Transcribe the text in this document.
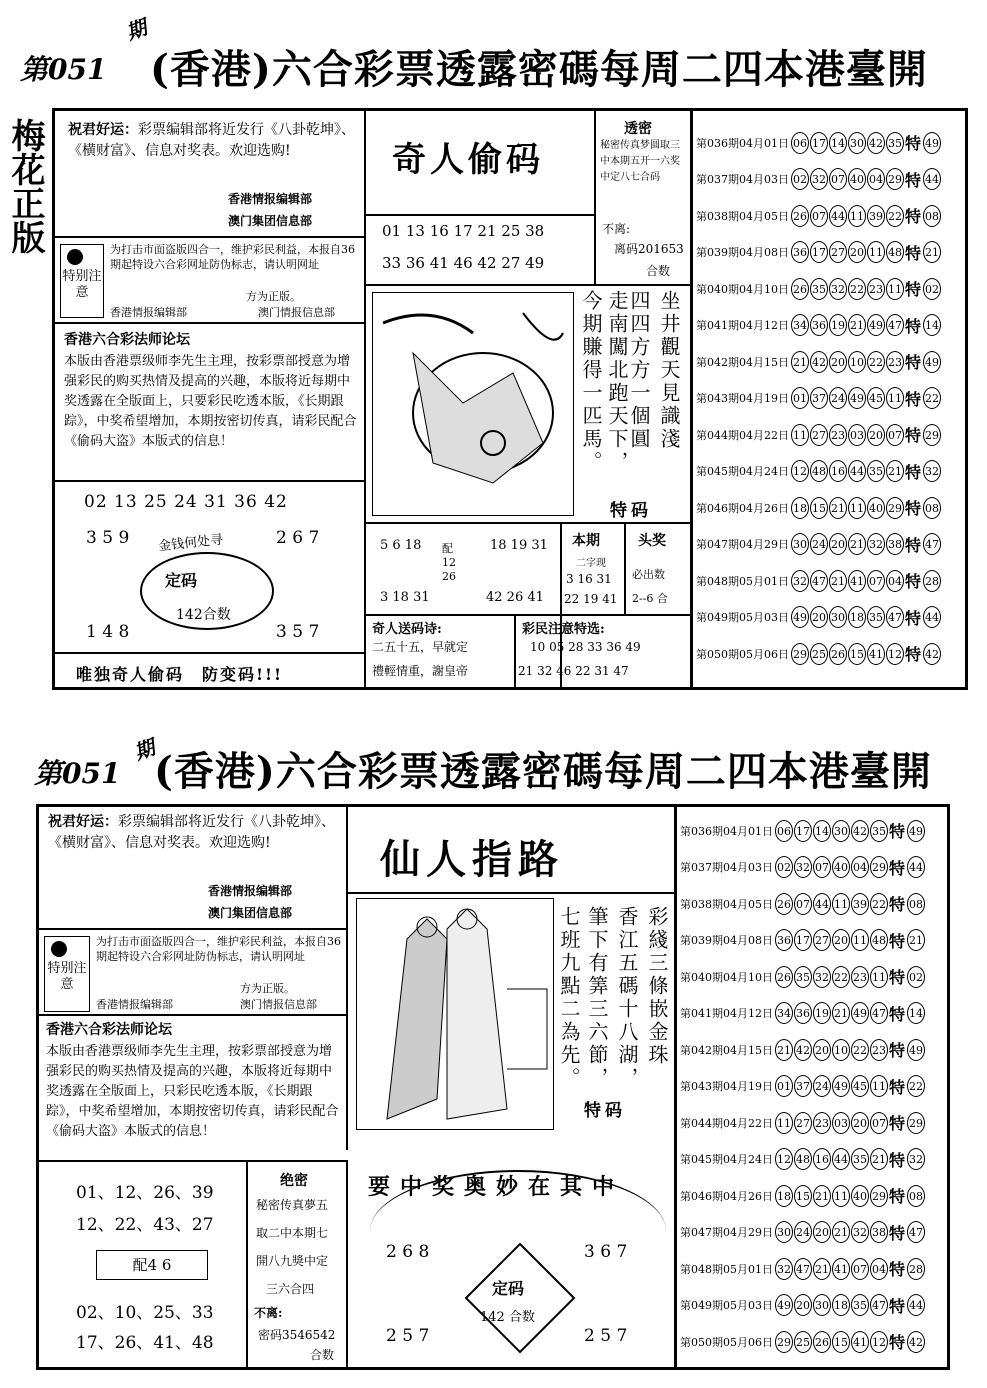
第051
期
(香港)六合彩票透露密碼每周二四本港臺開
梅花正版 祝君好运：彩票编辑部将近发行《八卦乾坤》、《横财富》、信息对奖表。欢迎选购!
香港情报编辑部
澳门集团信息部
特别注意
为打击市面盗版四合一，维护彩民利益，本报自36期起特设六合彩网址防伪标志，请认明网址
方为正版。
香港情报编辑部	澳门情报信息部
香港六合彩法师论坛
本版由香港票级师李先生主理，按彩票部授意为增强彩民的购买热情及提高的兴趣，本版将近每期中奖透露在全版面上，只要彩民吃透本版，《长期跟踪》，中奖希望增加，本期按密切传真，请彩民配合《偷码大盗》本版式的信息！
02 13 25 24 31 36 42
3 5 9	2 6 7
金钱何处寻
定码
142合数
1 4 8	3 5 7
唯独奇人偷码　防变码!!!
奇人偷码
01 13 16 17 21 25 38
33 36 41 46 42 27 49
透密
秘密传真梦圆取三中本期五开一六奖中定八七合码
不离:
离码201653
合数
坐井觀天見識淺
四四方方一個圓
走南闖北跑天下，
今期賺得一匹馬。
特码
5 6 18 配12 26
18 19 31
3 18 31	42 26 41
本期
二字现
3 16 31
22 19 41
头奖
必出数
2--6 合
奇人送码诗:
二五十五，早就定
禮輕情重，謝皇帝
彩民注意特选:
10 05 28 33 36 49
21 32 46 22 31 47
第036期04月01日 06 17 14 30 42 35 特 49
第037期04月03日 02 32 07 40 04 29 特 44
第038期04月05日 26 07 44 11 39 22 特 08
第039期04月08日 36 17 27 20 11 48 特 21
第040期04月10日 26 35 32 22 23 11 特 02
第041期04月12日 34 36 19 21 49 47 特 14
第042期04月15日 21 42 20 10 22 23 特 49
第043期04月19日 01 37 24 49 45 11 特 22
第044期04月22日 11 27 23 03 20 07 特 29
第045期04月24日 12 48 16 44 35 21 特 32
第046期04月26日 18 15 21 11 40 29 特 08
第047期04月29日 30 24 20 21 32 38 特 47
第048期05月01日 32 47 21 41 07 04 特 28
第049期05月03日 49 20 30 18 35 47 特 44
第050期05月06日 29 25 26 15 41 12 特 42
第051
期
(香港)六合彩票透露密碼每周二四本港臺開
祝君好运：彩票编辑部将近发行《八卦乾坤》、《横财富》、信息对奖表。欢迎选购!
香港情报编辑部
澳门集团信息部
特别注意
为打击市面盗版四合一，维护彩民利益，本报自36期起特设六合彩网址防伪标志，请认明网址
方为正版。
香港情报编辑部	澳门情报信息部
香港六合彩法师论坛
本版由香港票级师李先生主理，按彩票部授意为增强彩民的购买热情及提高的兴趣，本版将近每期中奖透露在全版面上，只彩民吃透本版，《长期跟踪》，中奖希望增加，本期按密切传真，请彩民配合《偷码大盗》本版式的信息！
01、12、26、39
12、22、43、27
配4 6
02、10、25、33
17、26、41、48
绝密
秘密传真夢五
取二中本期七
開八九獎中定
三六合四
不离:
密码3546542
合数
仙人指路
彩綫三條嵌金珠
香江五碼十八湖，
筆下有筭三六節，
七班九點二為先。
特码
要中奖奥妙在其中
2 6 8	3 6 7
定码
142 合数
2 5 7	2 5 7
第036期04月01日 06 17 14 30 42 35 特 49
第037期04月03日 02 32 07 40 04 29 特 44
第038期04月05日 26 07 44 11 39 22 特 08
第039期04月08日 36 17 27 20 11 48 特 21
第040期04月10日 26 35 32 22 23 11 特 02
第041期04月12日 34 36 19 21 49 47 特 14
第042期04月15日 21 42 20 10 22 23 特 49
第043期04月19日 01 37 24 49 45 11 特 22
第044期04月22日 11 27 23 03 20 07 特 29
第045期04月24日 12 48 16 44 35 21 特 32
第046期04月26日 18 15 21 11 40 29 特 08
第047期04月29日 30 24 20 21 32 38 特 47
第048期05月01日 32 47 21 41 07 04 特 28
第049期05月03日 49 20 30 18 35 47 特 44
第050期05月06日 29 25 26 15 41 12 特 42
